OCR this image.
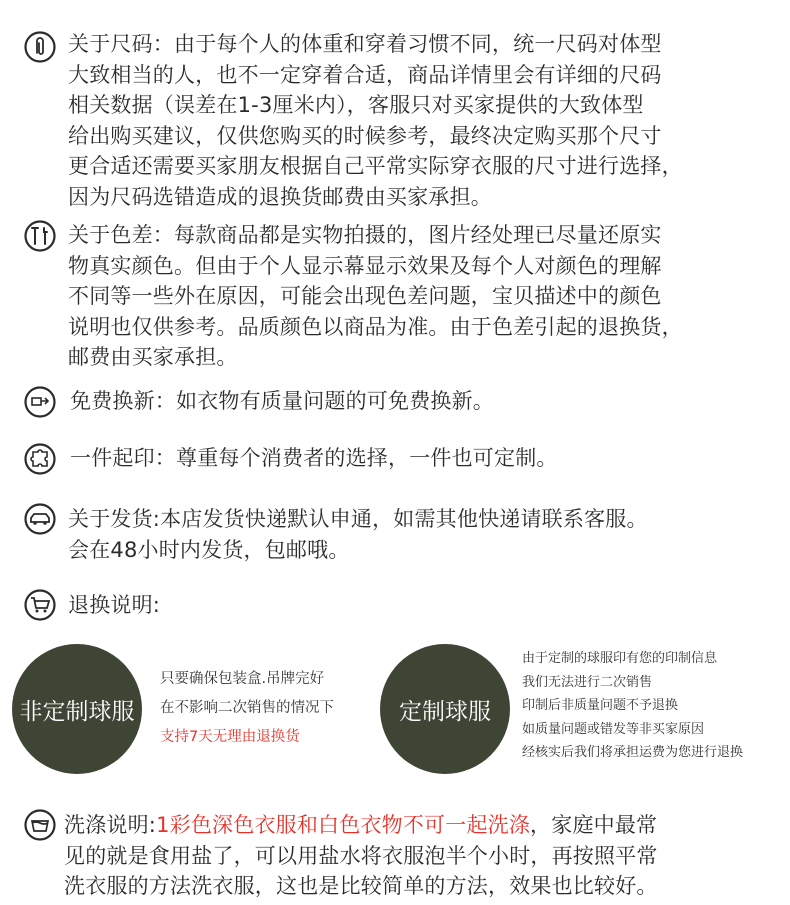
关于尺码：由于每个人的体重和穿着习惯不同，统一尺码对体型
大致相当的人，也不一定穿着合适，商品详情里会有详细的尺码
相关数据（误差在1-3厘米内），客服只对买家提供的大致体型
给出购买建议，仅供您购买的时候参考，最终决定购买那个尺寸
更合适还需要买家朋友根据自己平常实际穿衣服的尺寸进行选择，
因为尺码选错造成的退换货邮费由买家承担。
关于色差：每款商品都是实物拍摄的，图片经处理已尽量还原实
物真实颜色。但由于个人显示幕显示效果及每个人对颜色的理解
不同等一些外在原因，可能会出现色差问题，宝贝描述中的颜色
说明也仅供参考。品质颜色以商品为准。由于色差引起的退换货，
邮费由买家承担。
免费换新：如衣物有质量问题的可免费换新。
一件起印：尊重每个消费者的选择，一件也可定制。
关于发货:本店发货快递默认申通，如需其他快递请联系客服。
会在48小时内发货，包邮哦。
退换说明:
非定制球服
只要确保包装盒.吊牌完好
在不影响二次销售的情况下
支持7天无理由退换货
定制球服
由于定制的球服印有您的印制信息
我们无法进行二次销售
印制后非质量问题不予退换
如质量问题或错发等非买家原因
经核实后我们将承担运费为您进行退换
洗涤说明:1彩色深色衣服和白色衣物不可一起洗涤，家庭中最常
见的就是食用盐了，可以用盐水将衣服泡半个小时，再按照平常
洗衣服的方法洗衣服，这也是比较简单的方法，效果也比较好。
